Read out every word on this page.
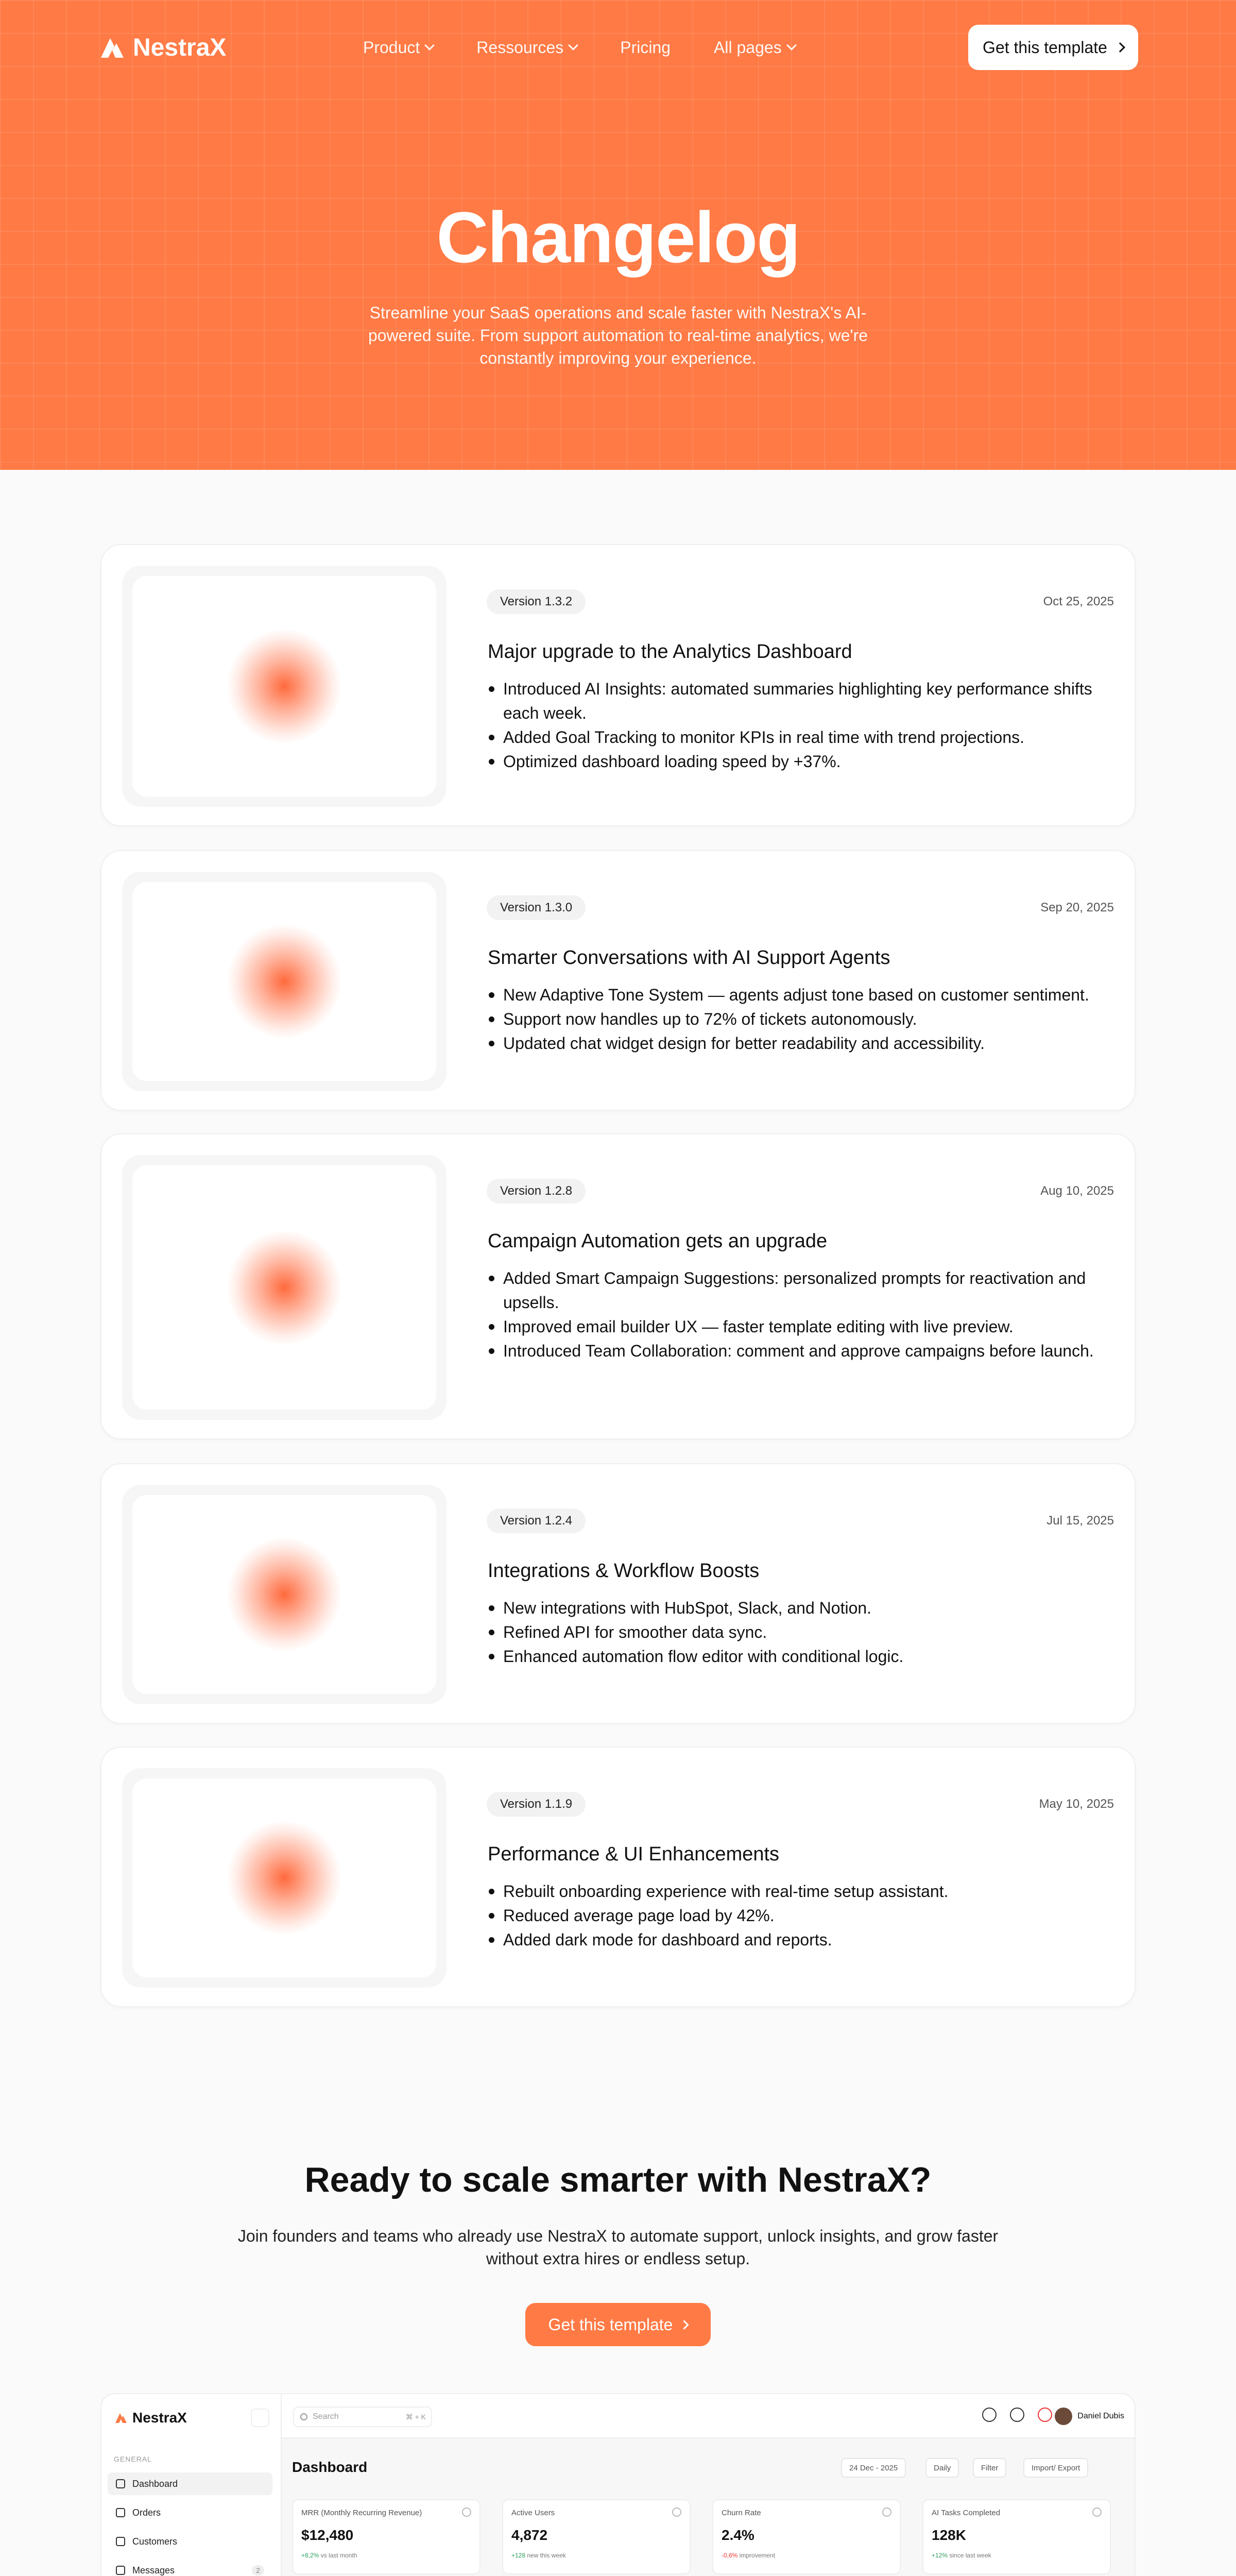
NestraX	Product	Ressources	Pricing	All pages	Get this template
Changelog

Streamline your SaaS operations and scale faster with NestraX's AI-powered suite. From support automation to real-time analytics, we're constantly improving your experience.

Version 1.3.2	Oct 25, 2025
Major upgrade to the Analytics Dashboard
Introduced AI Insights: automated summaries highlighting key performance shifts each week.
Added Goal Tracking to monitor KPIs in real time with trend projections.
Optimized dashboard loading speed by +37%.
Version 1.3.0	Sep 20, 2025
Smarter Conversations with AI Support Agents
New Adaptive Tone System — agents adjust tone based on customer sentiment.
Support now handles up to 72% of tickets autonomously.
Updated chat widget design for better readability and accessibility.
Version 1.2.8	Aug 10, 2025
Campaign Automation gets an upgrade
Added Smart Campaign Suggestions: personalized prompts for reactivation and upsells.
Improved email builder UX — faster template editing with live preview.
Introduced Team Collaboration: comment and approve campaigns before launch.
Version 1.2.4	Jul 15, 2025
Integrations & Workflow Boosts
New integrations with HubSpot, Slack, and Notion.
Refined API for smoother data sync.
Enhanced automation flow editor with conditional logic.
Version 1.1.9	May 10, 2025
Performance & UI Enhancements
Rebuilt onboarding experience with real-time setup assistant.
Reduced average page load by 42%.
Added dark mode for dashboard and reports.
Ready to scale smarter with NestraX?
Join founders and teams who already use NestraX to automate support, unlock insights, and grow faster without extra hires or endless setup.
Get this template
NestraX
GENERAL
Dashboard
Orders
Customers
Messages	2
Search	⌘ + K	Daniel Dubis
Dashboard	24 Dec - 2025	Daily	Filter	Import/ Export
MRR (Monthly Recurring Revenue)
$12,480
+8,2% vs last month
Active Users
4,872
+128 new this week
Churn Rate
2.4%
-0,6% improvement
AI Tasks Completed
128K
+12% since last week
